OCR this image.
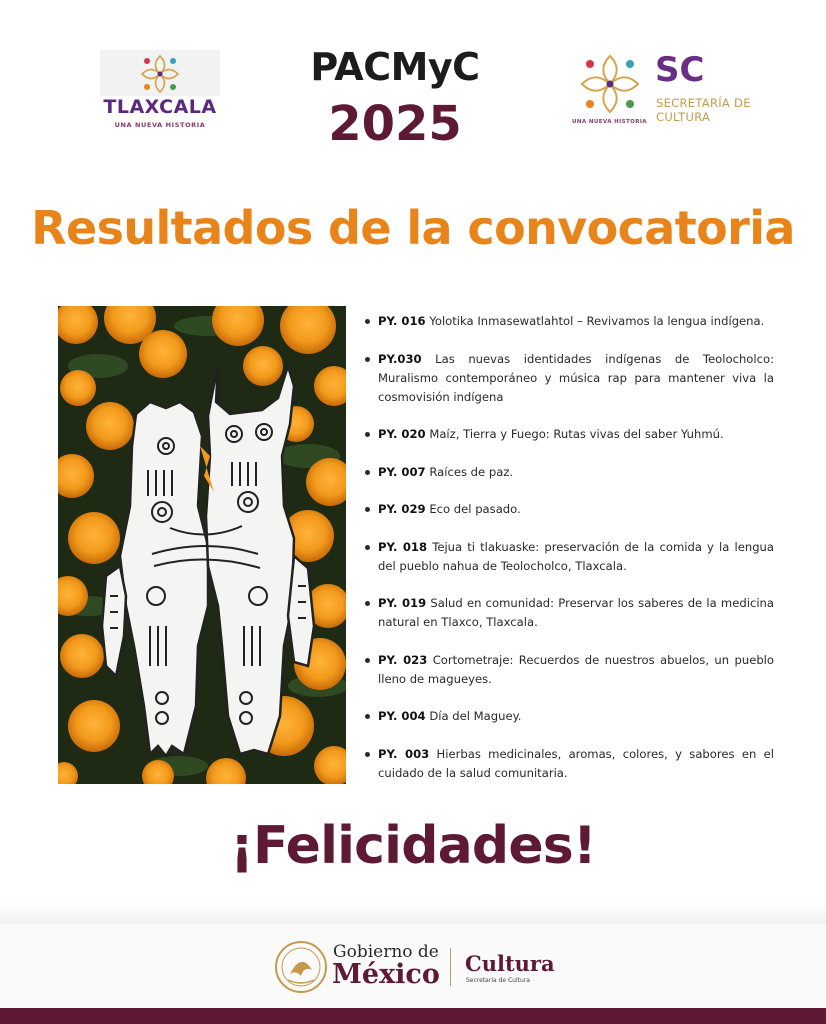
TLAXCALA
UNA NUEVA HISTORIA
PACMyC
2025	UNA NUEVA HISTORIA
SC
SECRETARÍA DE
CULTURA
Resultados de la convocatoria
PY. 016 Yolotika Inmasewatlahtol – Revivamos la lengua indígena.
PY.030 Las nuevas identidades indígenas de Teolocholco: Muralismo contemporáneo y música rap para mantener viva la cosmovisión indígena
PY. 020 Maíz, Tierra y Fuego: Rutas vivas del saber Yuhmú.
PY. 007 Raíces de paz.
PY. 029 Eco del pasado.
PY. 018 Tejua ti tlakuaske: preservación de la comida y la lengua del pueblo nahua de Teolocholco, Tlaxcala.
PY. 019 Salud en comunidad: Preservar los saberes de la medicina natural en Tlaxco, Tlaxcala.
PY. 023 Cortometraje: Recuerdos de nuestros abuelos, un pueblo lleno de magueyes.
PY. 004 Día del Maguey.
PY. 003 Hierbas medicinales, aromas, colores, y sabores en el cuidado de la salud comunitaria.
¡Felicidades!
Gobierno de
México Cultura
Secretaría de Cultura
